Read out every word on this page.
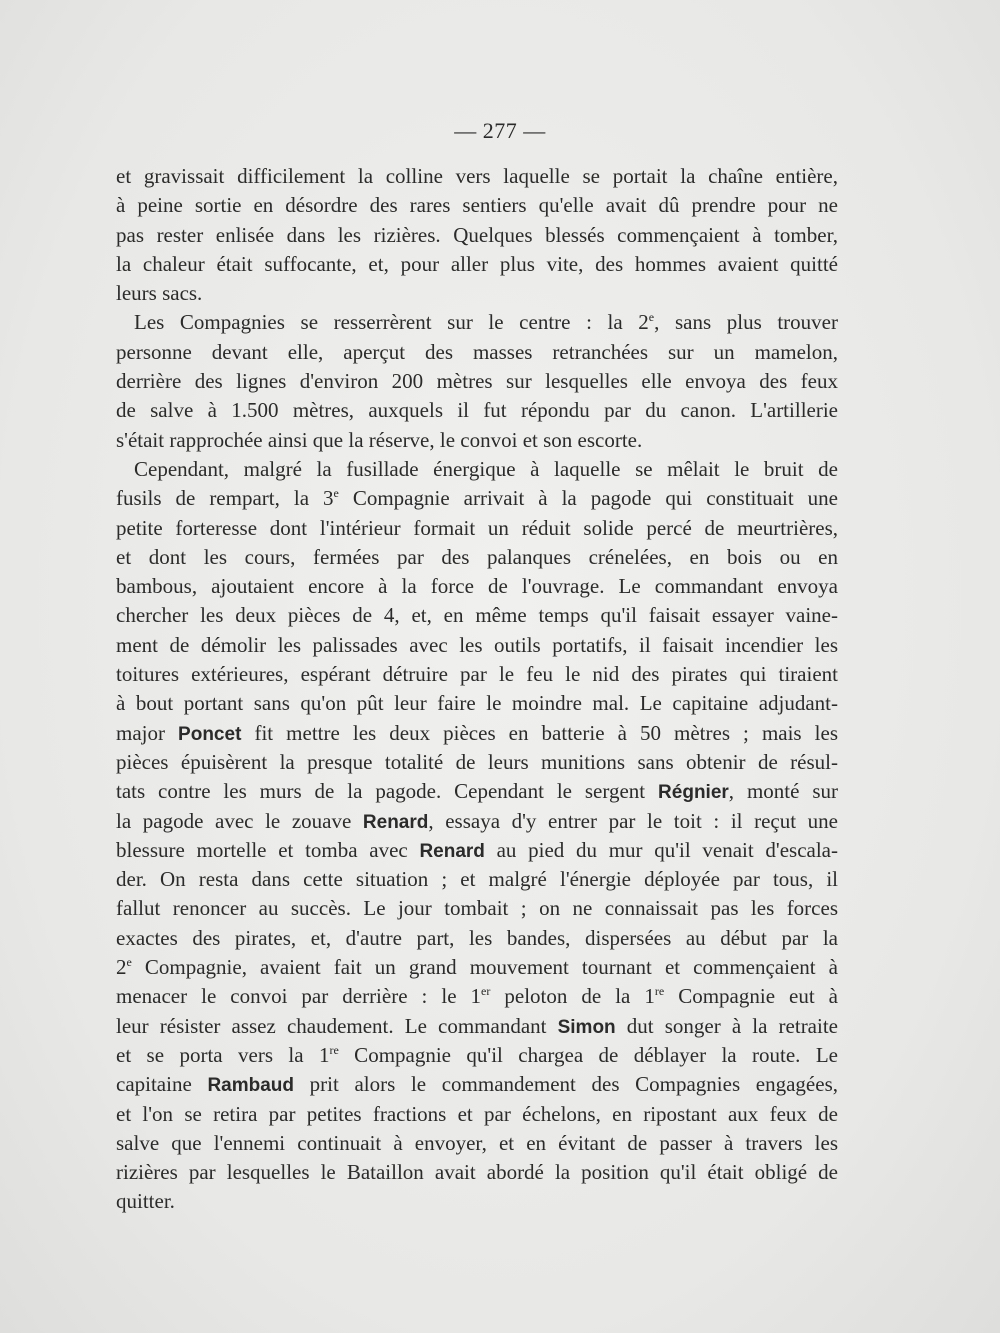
— 277 —
et gravissait difficilement la colline vers laquelle se portait la chaîne entière,
à peine sortie en désordre des rares sentiers qu'elle avait dû prendre pour ne
pas rester enlisée dans les rizières. Quelques blessés commençaient à tomber,
la chaleur était suffocante, et, pour aller plus vite, des hommes avaient quitté
leurs sacs.
Les Compagnies se resserrèrent sur le centre : la 2e, sans plus trouver
personne devant elle, aperçut des masses retranchées sur un mamelon,
derrière des lignes d'environ 200 mètres sur lesquelles elle envoya des feux
de salve à 1.500 mètres, auxquels il fut répondu par du canon. L'artillerie
s'était rapprochée ainsi que la réserve, le convoi et son escorte.
Cependant, malgré la fusillade énergique à laquelle se mêlait le bruit de
fusils de rempart, la 3e Compagnie arrivait à la pagode qui constituait une
petite forteresse dont l'intérieur formait un réduit solide percé de meurtrières,
et dont les cours, fermées par des palanques crénelées, en bois ou en
bambous, ajoutaient encore à la force de l'ouvrage. Le commandant envoya
chercher les deux pièces de 4, et, en même temps qu'il faisait essayer vaine-
ment de démolir les palissades avec les outils portatifs, il faisait incendier les
toitures extérieures, espérant détruire par le feu le nid des pirates qui tiraient
à bout portant sans qu'on pût leur faire le moindre mal. Le capitaine adjudant-
major Poncet fit mettre les deux pièces en batterie à 50 mètres ; mais les
pièces épuisèrent la presque totalité de leurs munitions sans obtenir de résul-
tats contre les murs de la pagode. Cependant le sergent Régnier, monté sur
la pagode avec le zouave Renard, essaya d'y entrer par le toit : il reçut une
blessure mortelle et tomba avec Renard au pied du mur qu'il venait d'escala-
der. On resta dans cette situation ; et malgré l'énergie déployée par tous, il
fallut renoncer au succès. Le jour tombait ; on ne connaissait pas les forces
exactes des pirates, et, d'autre part, les bandes, dispersées au début par la
2e Compagnie, avaient fait un grand mouvement tournant et commençaient à
menacer le convoi par derrière : le 1er peloton de la 1re Compagnie eut à
leur résister assez chaudement. Le commandant Simon dut songer à la retraite
et se porta vers la 1re Compagnie qu'il chargea de déblayer la route. Le
capitaine Rambaud prit alors le commandement des Compagnies engagées,
et l'on se retira par petites fractions et par échelons, en ripostant aux feux de
salve que l'ennemi continuait à envoyer, et en évitant de passer à travers les
rizières par lesquelles le Bataillon avait abordé la position qu'il était obligé de
quitter.
